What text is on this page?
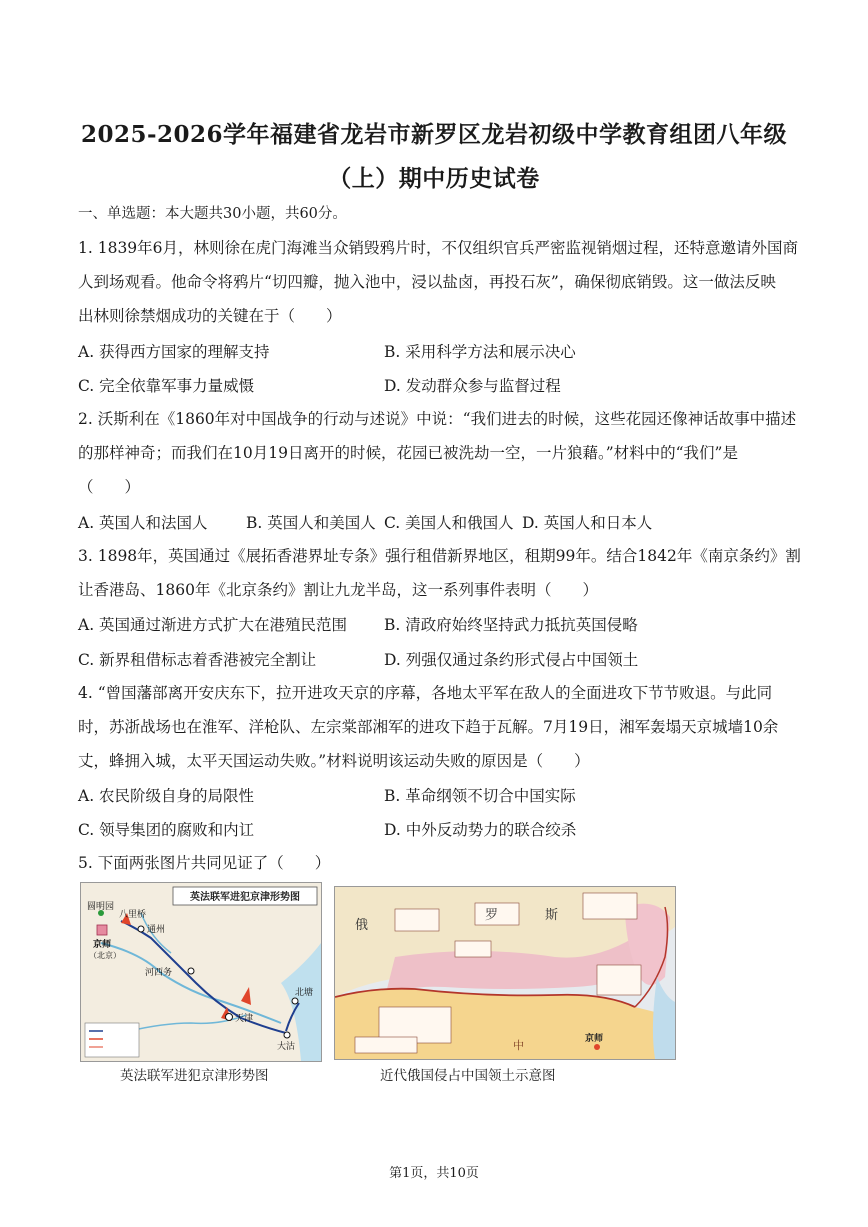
2025-2026学年福建省龙岩市新罗区龙岩初级中学教育组团八年级
（上）期中历史试卷
一、单选题：本大题共30小题，共60分。
1. 1839年6月，林则徐在虎门海滩当众销毁鸦片时，不仅组织官兵严密监视销烟过程，还特意邀请外国商
人到场观看。他命令将鸦片“切四瓣，抛入池中，浸以盐卤，再投石灰”，确保彻底销毁。这一做法反映
出林则徐禁烟成功的关键在于（　　）
A. 获得西方国家的理解支持	B. 采用科学方法和展示决心
C. 完全依靠军事力量威慑	D. 发动群众参与监督过程
2. 沃斯利在《1860年对中国战争的行动与述说》中说：“我们进去的时候，这些花园还像神话故事中描述
的那样神奇；而我们在10月19日离开的时候，花园已被洗劫一空，一片狼藉。”材料中的“我们”是
（　　）
A. 英国人和法国人 B. 英国人和美国人 C. 美国人和俄国人 D. 英国人和日本人
3. 1898年，英国通过《展拓香港界址专条》强行租借新界地区，租期99年。结合1842年《南京条约》割
让香港岛、1860年《北京条约》割让九龙半岛，这一系列事件表明（　　）
A. 英国通过渐进方式扩大在港殖民范围 B. 清政府始终坚持武力抵抗英国侵略
C. 新界租借标志着香港被完全割让	D. 列强仅通过条约形式侵占中国领土
4. “曾国藩部离开安庆东下，拉开进攻天京的序幕，各地太平军在敌人的全面进攻下节节败退。与此同
时，苏浙战场也在淮军、洋枪队、左宗棠部湘军的进攻下趋于瓦解。7月19日，湘军轰塌天京城墙10余
丈，蜂拥入城，太平天国运动失败。”材料说明该运动失败的原因是（　　）
A. 农民阶级自身的局限性	B. 革命纲领不切合中国实际
C. 领导集团的腐败和内讧	D. 中外反动势力的联合绞杀
5. 下面两张图片共同见证了（　　）
英法联军进犯京津形势图
圆明园
八里桥
京师
（北京）
通州
河西务
天津
北塘
大沽
英法联军进犯京津形势图
俄
罗	斯
京师
中
近代俄国侵占中国领土示意图
第1页，共10页
